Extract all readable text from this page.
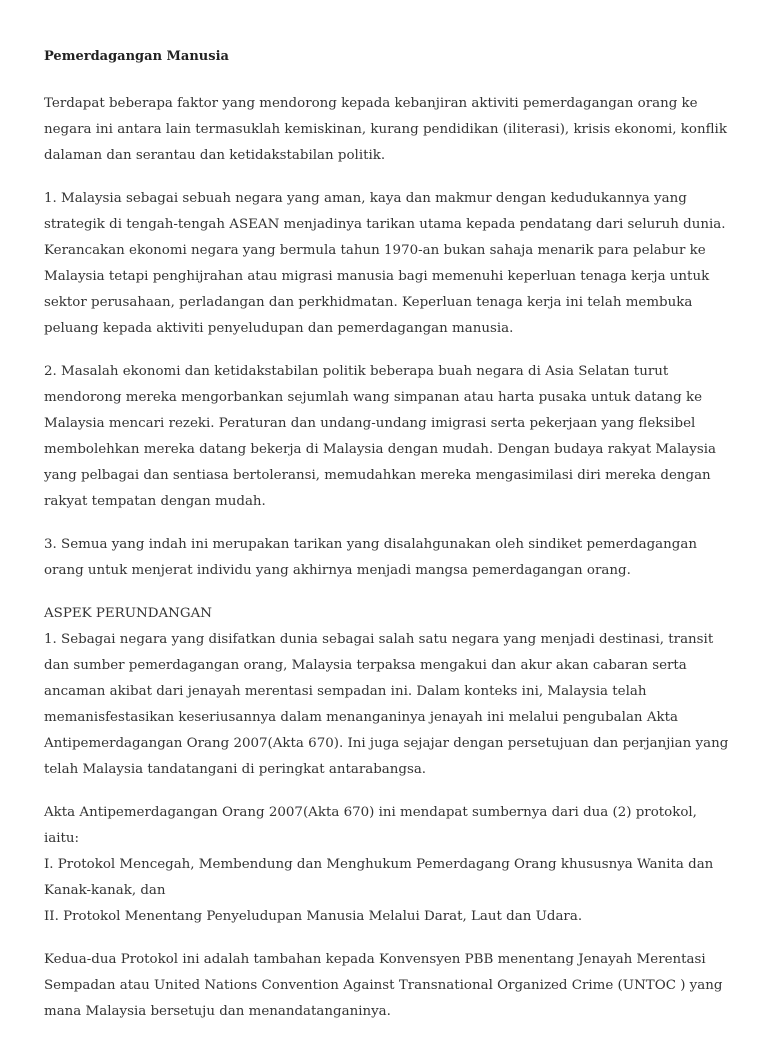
Pemerdagangan Manusia

Terdapat beberapa faktor yang mendorong kepada kebanjiran aktiviti pemerdagangan orang ke negara ini antara lain termasuklah kemiskinan, kurang pendidikan (iliterasi), krisis ekonomi, konflik dalaman dan serantau dan ketidakstabilan politik.

1. Malaysia sebagai sebuah negara yang aman, kaya dan makmur dengan kedudukannya yang strategik di tengah-tengah ASEAN menjadinya tarikan utama kepada pendatang dari seluruh dunia. Kerancakan ekonomi negara yang bermula tahun 1970-an bukan sahaja menarik para pelabur ke Malaysia tetapi penghijrahan atau migrasi manusia bagi memenuhi keperluan tenaga kerja untuk sektor perusahaan, perladangan dan perkhidmatan. Keperluan tenaga kerja ini telah membuka peluang kepada aktiviti penyeludupan dan pemerdagangan manusia.

2. Masalah ekonomi dan ketidakstabilan politik beberapa buah negara di Asia Selatan turut mendorong mereka mengorbankan sejumlah wang simpanan atau harta pusaka untuk datang ke Malaysia mencari rezeki. Peraturan dan undang-undang imigrasi serta pekerjaan yang fleksibel membolehkan mereka datang bekerja di Malaysia dengan mudah. Dengan budaya rakyat Malaysia yang pelbagai dan sentiasa bertoleransi, memudahkan mereka mengasimilasi diri mereka dengan rakyat tempatan dengan mudah.

3. Semua yang indah ini merupakan tarikan yang disalahgunakan oleh sindiket pemerdagangan orang untuk menjerat individu yang akhirnya menjadi mangsa pemerdagangan orang.

ASPEK PERUNDANGAN

1. Sebagai negara yang disifatkan dunia sebagai salah satu negara yang menjadi destinasi, transit dan sumber pemerdagangan orang, Malaysia terpaksa mengakui dan akur akan cabaran serta ancaman akibat dari jenayah merentasi sempadan ini. Dalam konteks ini, Malaysia telah memanisfestasikan keseriusannya dalam menanganinya jenayah ini melalui pengubalan Akta Antipemerdagangan Orang 2007(Akta 670). Ini juga sejajar dengan persetujuan dan perjanjian yang telah Malaysia tandatangani di peringkat antarabangsa.

Akta Antipemerdagangan Orang 2007(Akta 670) ini mendapat sumbernya dari dua (2) protokol, iaitu:
I. Protokol Mencegah, Membendung dan Menghukum Pemerdagang Orang khususnya Wanita dan Kanak-kanak, dan
II. Protokol Menentang Penyeludupan Manusia Melalui Darat, Laut dan Udara.

Kedua-dua Protokol ini adalah tambahan kepada Konvensyen PBB menentang Jenayah Merentasi Sempadan atau United Nations Convention Against Transnational Organized Crime (UNTOC ) yang mana Malaysia bersetuju dan menandatanganinya.
